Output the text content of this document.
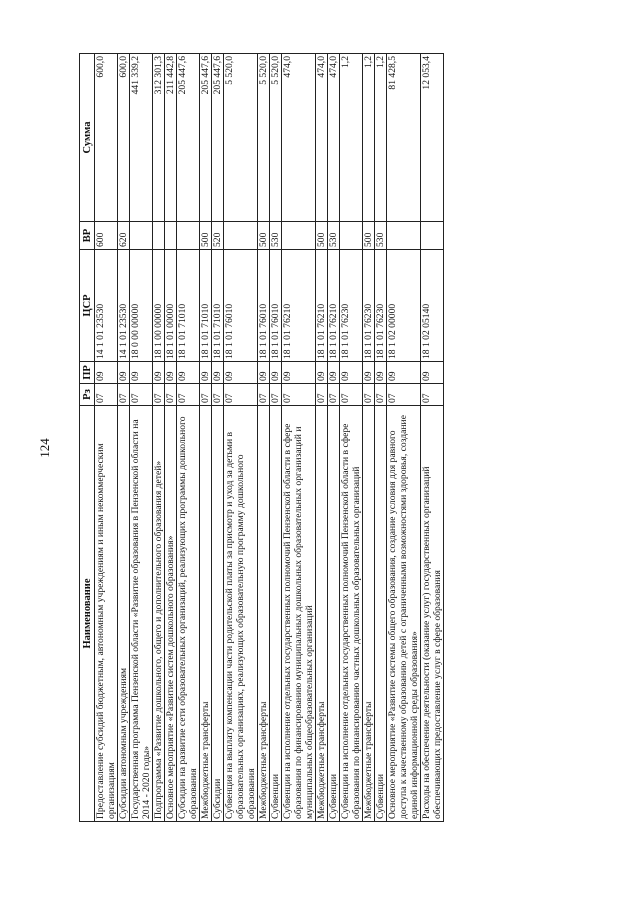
124
Наименование	Рз	ПР	ЦСР	ВР	Сумма
Предоставление субсидий бюджетным, автономным учреждениям и иным некоммерческим организациям	07	09	14 1 01 23530	600	600,0
Субсидии автономным учреждениям	07	09	14 1 01 23530	620	600,0
Государственная программа Пензенской области «Развитие образования в Пензенской области на 2014 - 2020 годы»	07	09	18 0 00 00000		441 339,2
Подпрограмма «Развитие дошкольного, общего и дополнительного образования детей»	07	09	18 1 00 00000		312 301,3
Основное мероприятие «Развитие систем дошкольного образования»	07	09	18 1 01 00000		211 442,8
Субсидии на развитие сети образовательных организаций, реализующих программы дошкольного образования	07	09	18 1 01 71010		205 447,6
Межбюджетные трансферты	07	09	18 1 01 71010	500	205 447,6
Субсидии	07	09	18 1 01 71010	520	205 447,6
Субвенция на выплату компенсации части родительской платы за присмотр и уход за детьми в образовательных организациях, реализующих образовательную программу дошкольного образования	07	09	18 1 01 76010		5 520,0
Межбюджетные трансферты	07	09	18 1 01 76010	500	5 520,0
Субвенции	07	09	18 1 01 76010	530	5 520,0
Субвенции на исполнение отдельных государственных полномочий Пензенской области в сфере образования по финансированию муниципальных дошкольных образовательных организаций и муниципальных общеобразовательных организаций	07	09	18 1 01 76210		474,0
Межбюджетные трансферты	07	09	18 1 01 76210	500	474,0
Субвенции	07	09	18 1 01 76210	530	474,0
Субвенции на исполнение отдельных государственных полномочий Пензенской области в сфере образования по финансированию частных дошкольных образовательных организаций	07	09	18 1 01 76230		1,2
Межбюджетные трансферты	07	09	18 1 01 76230	500	1,2
Субвенции	07	09	18 1 01 76230	530	1,2
Основное мероприятие «Развитие системы общего образования, создание условия для равного доступа к качественному образованию детей с ограниченными возможностями здоровья, создание единой информационной среды образования»	07	09	18 1 02 00000		81 428,5
Расходы на обеспечение деятельности (оказание услуг) государственных организаций обеспечивающих предоставление услуг в сфере образования	07	09	18 1 02 05140		12 053,4
